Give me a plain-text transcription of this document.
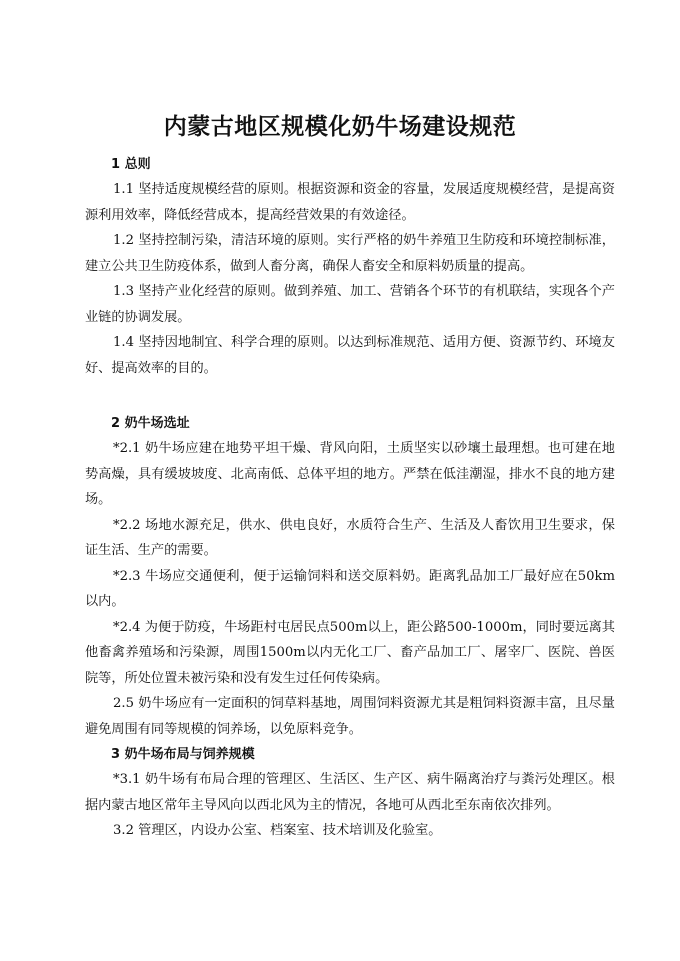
内蒙古地区规模化奶牛场建设规范

1 总则

1.1 坚持适度规模经营的原则。根据资源和资金的容量，发展适度规模经营，是提高资源利用效率，降低经营成本，提高经营效果的有效途径。

1.2 坚持控制污染，清洁环境的原则。实行严格的奶牛养殖卫生防疫和环境控制标准，建立公共卫生防疫体系，做到人畜分离，确保人畜安全和原料奶质量的提高。

1.3 坚持产业化经营的原则。做到养殖、加工、营销各个环节的有机联结，实现各个产业链的协调发展。

1.4 坚持因地制宜、科学合理的原则。以达到标准规范、适用方便、资源节约、环境友好、提高效率的目的。

2 奶牛场选址

*2.1 奶牛场应建在地势平坦干燥、背风向阳，土质坚实以砂壤土最理想。也可建在地势高燥，具有缓坡坡度、北高南低、总体平坦的地方。严禁在低洼潮湿，排水不良的地方建场。

*2.2 场地水源充足，供水、供电良好，水质符合生产、生活及人畜饮用卫生要求，保证生活、生产的需要。

*2.3 牛场应交通便利，便于运输饲料和送交原料奶。距离乳品加工厂最好应在50km以内。

*2.4 为便于防疫，牛场距村屯居民点500m以上，距公路500-1000m，同时要远离其他畜禽养殖场和污染源，周围1500m以内无化工厂、畜产品加工厂、屠宰厂、医院、兽医院等，所处位置未被污染和没有发生过任何传染病。

2.5 奶牛场应有一定面积的饲草料基地，周围饲料资源尤其是粗饲料资源丰富，且尽量避免周围有同等规模的饲养场，以免原料竞争。

3 奶牛场布局与饲养规模

*3.1 奶牛场有布局合理的管理区、生活区、生产区、病牛隔离治疗与粪污处理区。根据内蒙古地区常年主导风向以西北风为主的情况，各地可从西北至东南依次排列。

3.2 管理区，内设办公室、档案室、技术培训及化验室。
